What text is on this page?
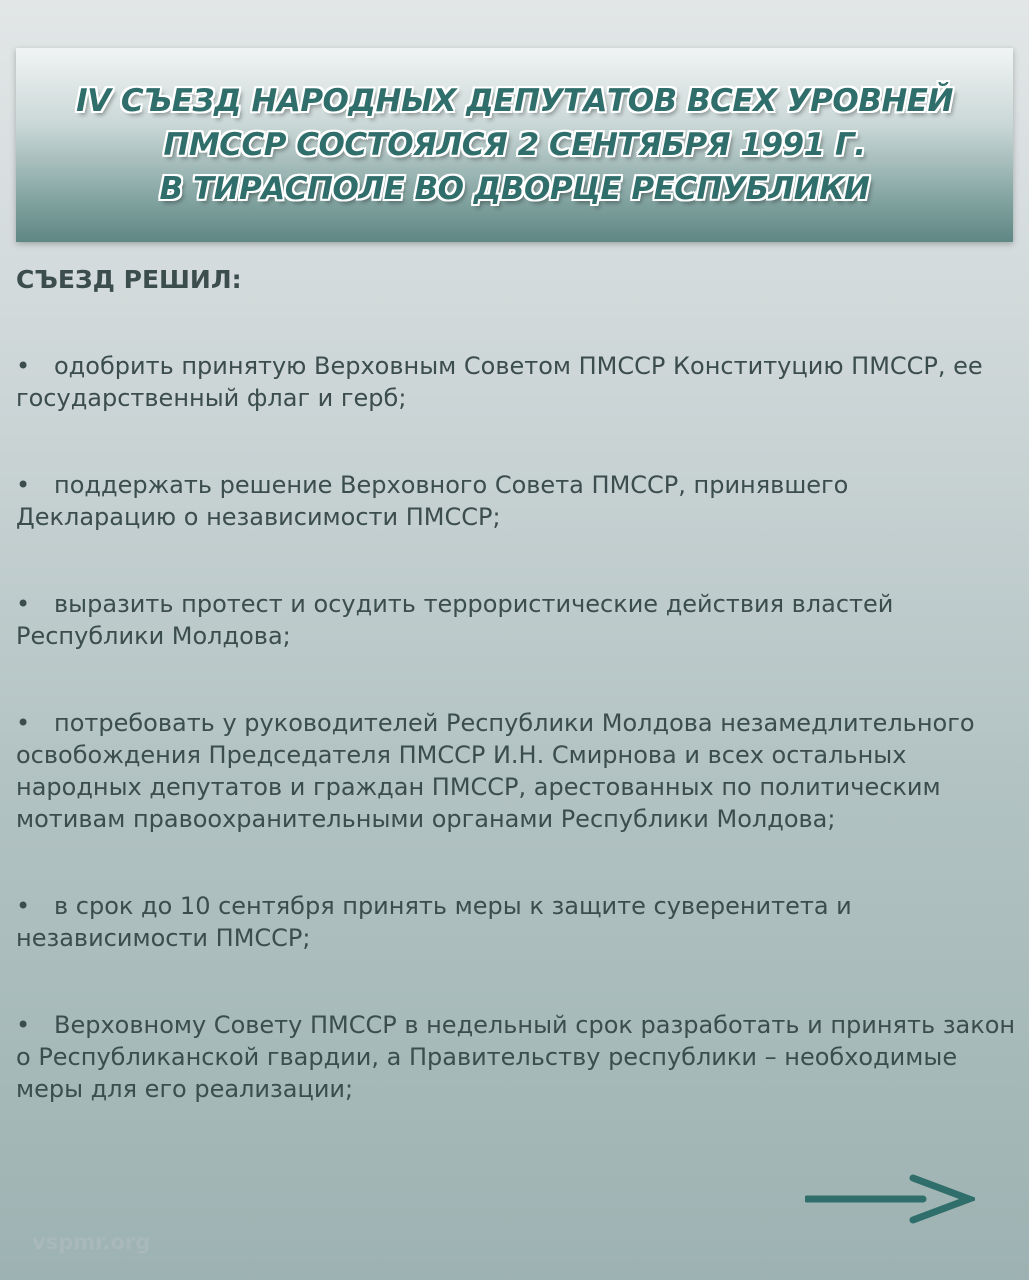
IV СЪЕЗД НАРОДНЫХ ДЕПУТАТОВ ВСЕХ УРОВНЕЙ
ПМССР СОСТОЯЛСЯ 2 СЕНТЯБРЯ 1991 Г.
В ТИРАСПОЛЕ ВО ДВОРЦЕ РЕСПУБЛИКИ
СЪЕЗД РЕШИЛ:
• одобрить принятую Верховным Советом ПМССР Конституцию ПМССР, ее государственный флаг и герб;
• поддержать решение Верховного Совета ПМССР, принявшего Декларацию о независимости ПМССР;
• выразить протест и осудить террористические действия властей Республики Молдова;
• потребовать у руководителей Республики Молдова незамедлительного освобождения Председателя ПМССР И.Н. Смирнова и всех остальных народных депутатов и граждан ПМССР, арестованных по политическим мотивам правоохранительными органами Республики Молдова;
• в срок до 10 сентября принять меры к защите суверенитета и независимости ПМССР;
• Верховному Совету ПМССР в недельный срок разработать и принять закон о Республиканской гвардии, а Правительству республики – необходимые меры для его реализации;
vspmr.org
